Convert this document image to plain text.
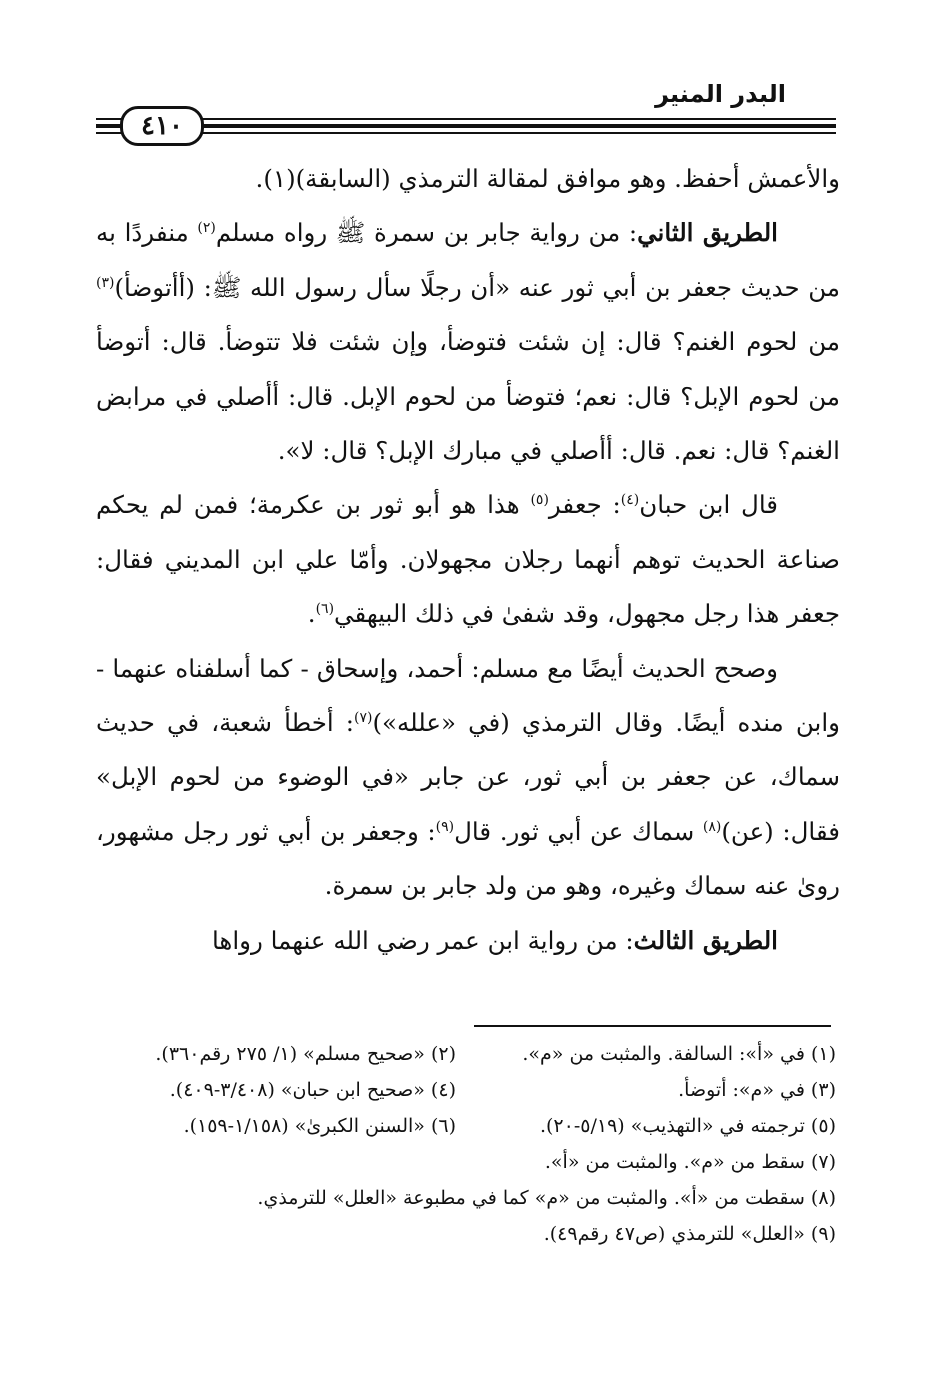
البدر المنير
٤١٠

والأعمش أحفظ. وهو موافق لمقالة الترمذي (السابقة)(١).

الطريق الثاني: من رواية جابر بن سمرة ﷺ رواه مسلم$^{(٢)}$ منفردًا به من حديث جعفر بن أبي ثور عنه «أن رجلًا سأل رسول الله ﷺ: (أأتوضأ)$^{(٣)}$ من لحوم الغنم؟ قال: إن شئت فتوضأ، وإن شئت فلا تتوضأ. قال: أتوضأ من لحوم الإبل؟ قال: نعم؛ فتوضأ من لحوم الإبل. قال: أأصلي في مرابض الغنم؟ قال: نعم. قال: أأصلي في مبارك الإبل؟ قال: لا».

قال ابن حبان$^{(٤)}$: جعفر$^{(٥)}$ هذا هو أبو ثور بن عكرمة؛ فمن لم يحكم صناعة الحديث توهم أنهما رجلان مجهولان. وأمّا علي ابن المديني فقال: جعفر هذا رجل مجهول، وقد شفىٰ في ذلك البيهقي$^{(٦)}$.

وصحح الحديث أيضًا مع مسلم: أحمد، وإسحاق - كما أسلفناه عنهما - وابن منده أيضًا. وقال الترمذي (في «علله»)$^{(٧)}$: أخطأ شعبة، في حديث سماك، عن جعفر بن أبي ثور، عن جابر «في الوضوء من لحوم الإبل» فقال: (عن)$^{(٨)}$ سماك عن أبي ثور. قال$^{(٩)}$: وجعفر بن أبي ثور رجل مشهور، روىٰ عنه سماك وغيره، وهو من ولد جابر بن سمرة.

الطريق الثالث: من رواية ابن عمر رضي الله عنهما رواها

(١) في «أ»: السالفة. والمثبت من «م».
(٢) «صحيح مسلم» (١/ ٢٧٥ رقم٣٦٠).
(٣) في «م»: أتوضأ.
(٤) «صحيح ابن حبان» (٣/٤٠٨-٤٠٩).
(٥) ترجمته في «التهذيب» (٥/١٩-٢٠).
(٦) «السنن الكبرىٰ» (١/١٥٨-١٥٩).
(٧) سقط من «م». والمثبت من «أ».
(٨) سقطت من «أ». والمثبت من «م» كما في مطبوعة «العلل» للترمذي.
(٩) «العلل» للترمذي (ص٤٧ رقم٤٩).
